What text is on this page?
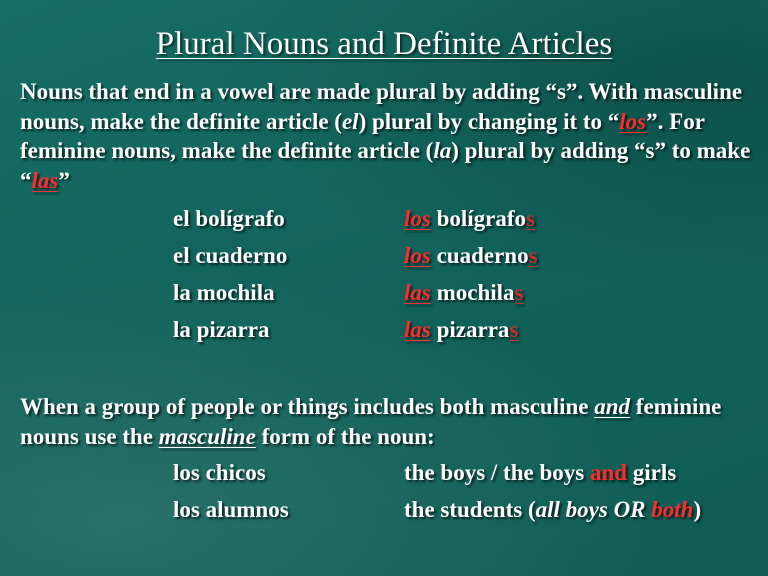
Plural Nouns and Definite Articles
Nouns that end in a vowel are made plural by adding “s”. With masculine nouns, make the definite article (el) plural by changing it to “los”. For feminine nouns, make the definite article (la) plural by adding “s” to make “las”
el bolígrafo	los bolígrafos
el cuaderno	los cuadernos
la mochila	las mochilas
la pizarra	las pizarras
When a group of people or things includes both masculine and feminine nouns use the masculine form of the noun:
los chicos	the boys / the boys and girls
los alumnos	the students (all boys OR both)
